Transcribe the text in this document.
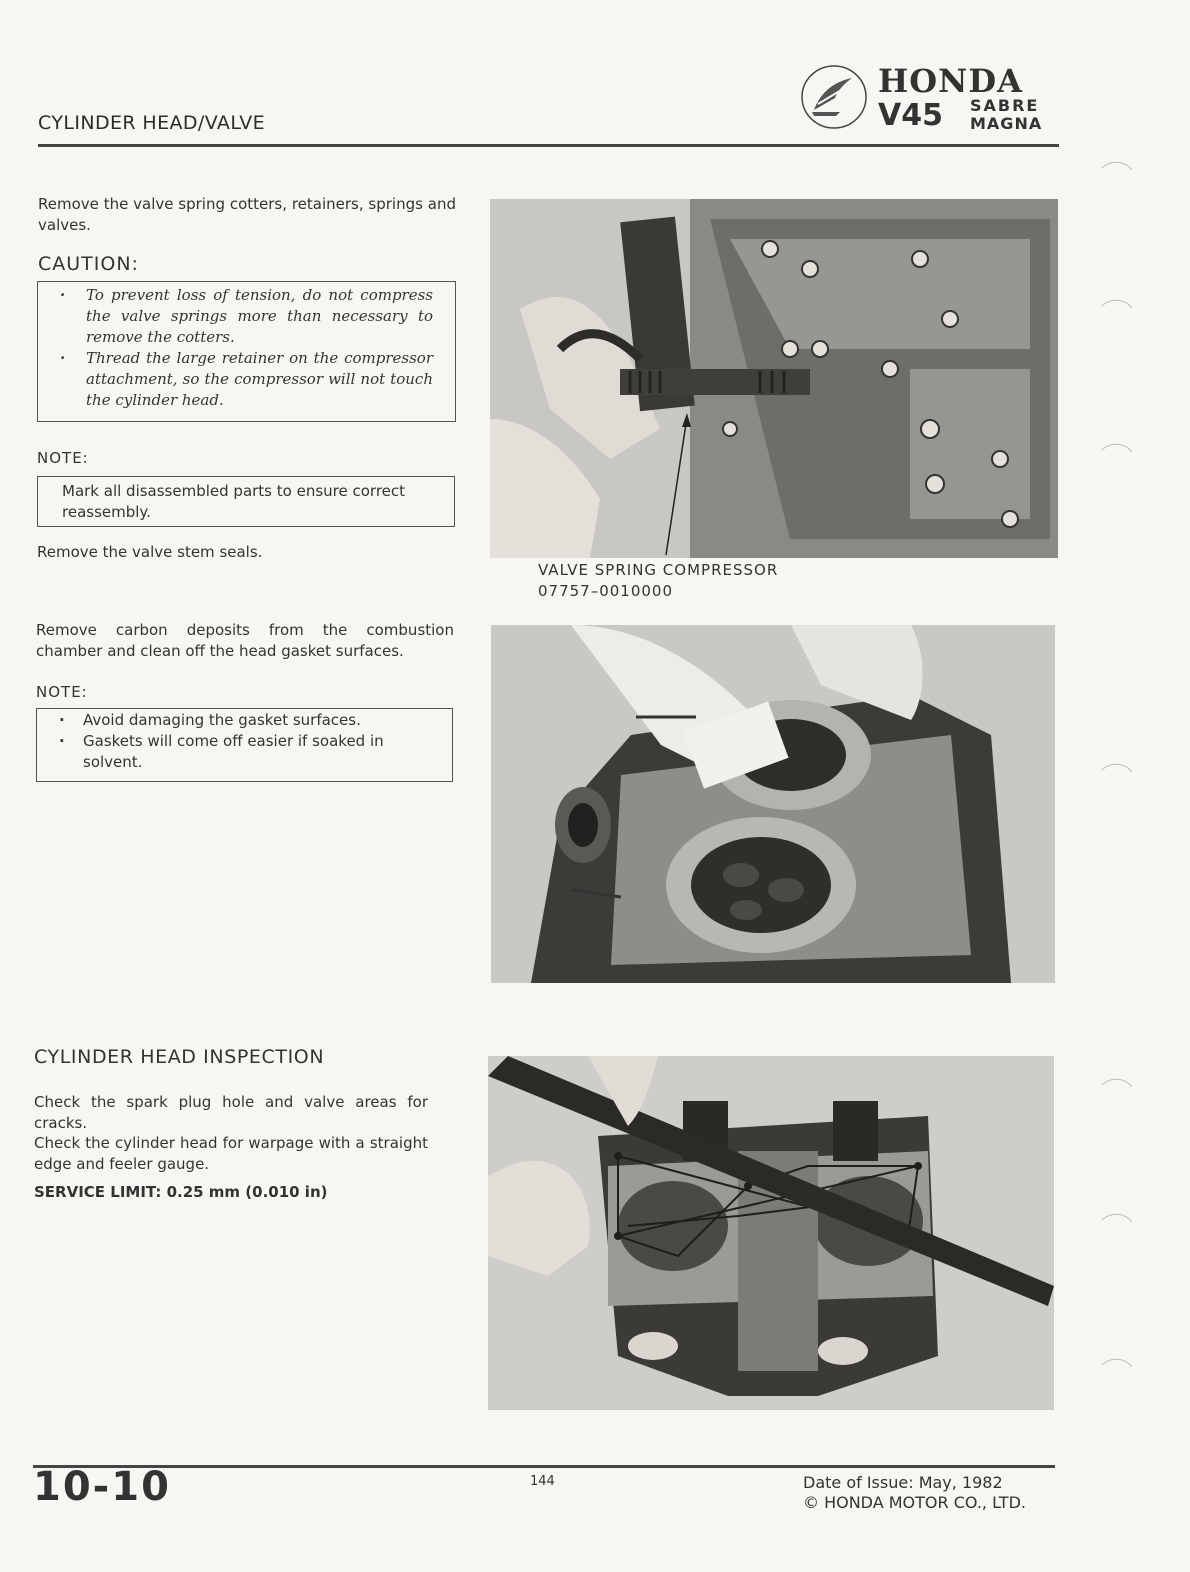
CYLINDER HEAD/VALVE
HONDA
V45 SABRE
MAGNA
Remove the valve spring cotters, retainers, springs and valves.
CAUTION:
· To prevent loss of tension, do not compress the valve springs more than necessary to remove the cotters.
· Thread the large retainer on the compressor attachment, so the compressor will not touch the cylinder head.
NOTE:
Mark all disassembled parts to ensure correct reassembly.
Remove the valve stem seals.
Remove carbon deposits from the combustion chamber and clean off the head gasket surfaces.
NOTE:
· Avoid damaging the gasket surfaces.
· Gaskets will come off easier if soaked in solvent.
CYLINDER HEAD INSPECTION
Check the spark plug hole and valve areas for cracks.
Check the cylinder head for warpage with a straight edge and feeler gauge.
SERVICE LIMIT: 0.25 mm (0.010 in)
VALVE SPRING COMPRESSOR
07757–0010000
10-10	144	Date of Issue: May, 1982
© HONDA MOTOR CO., LTD.
